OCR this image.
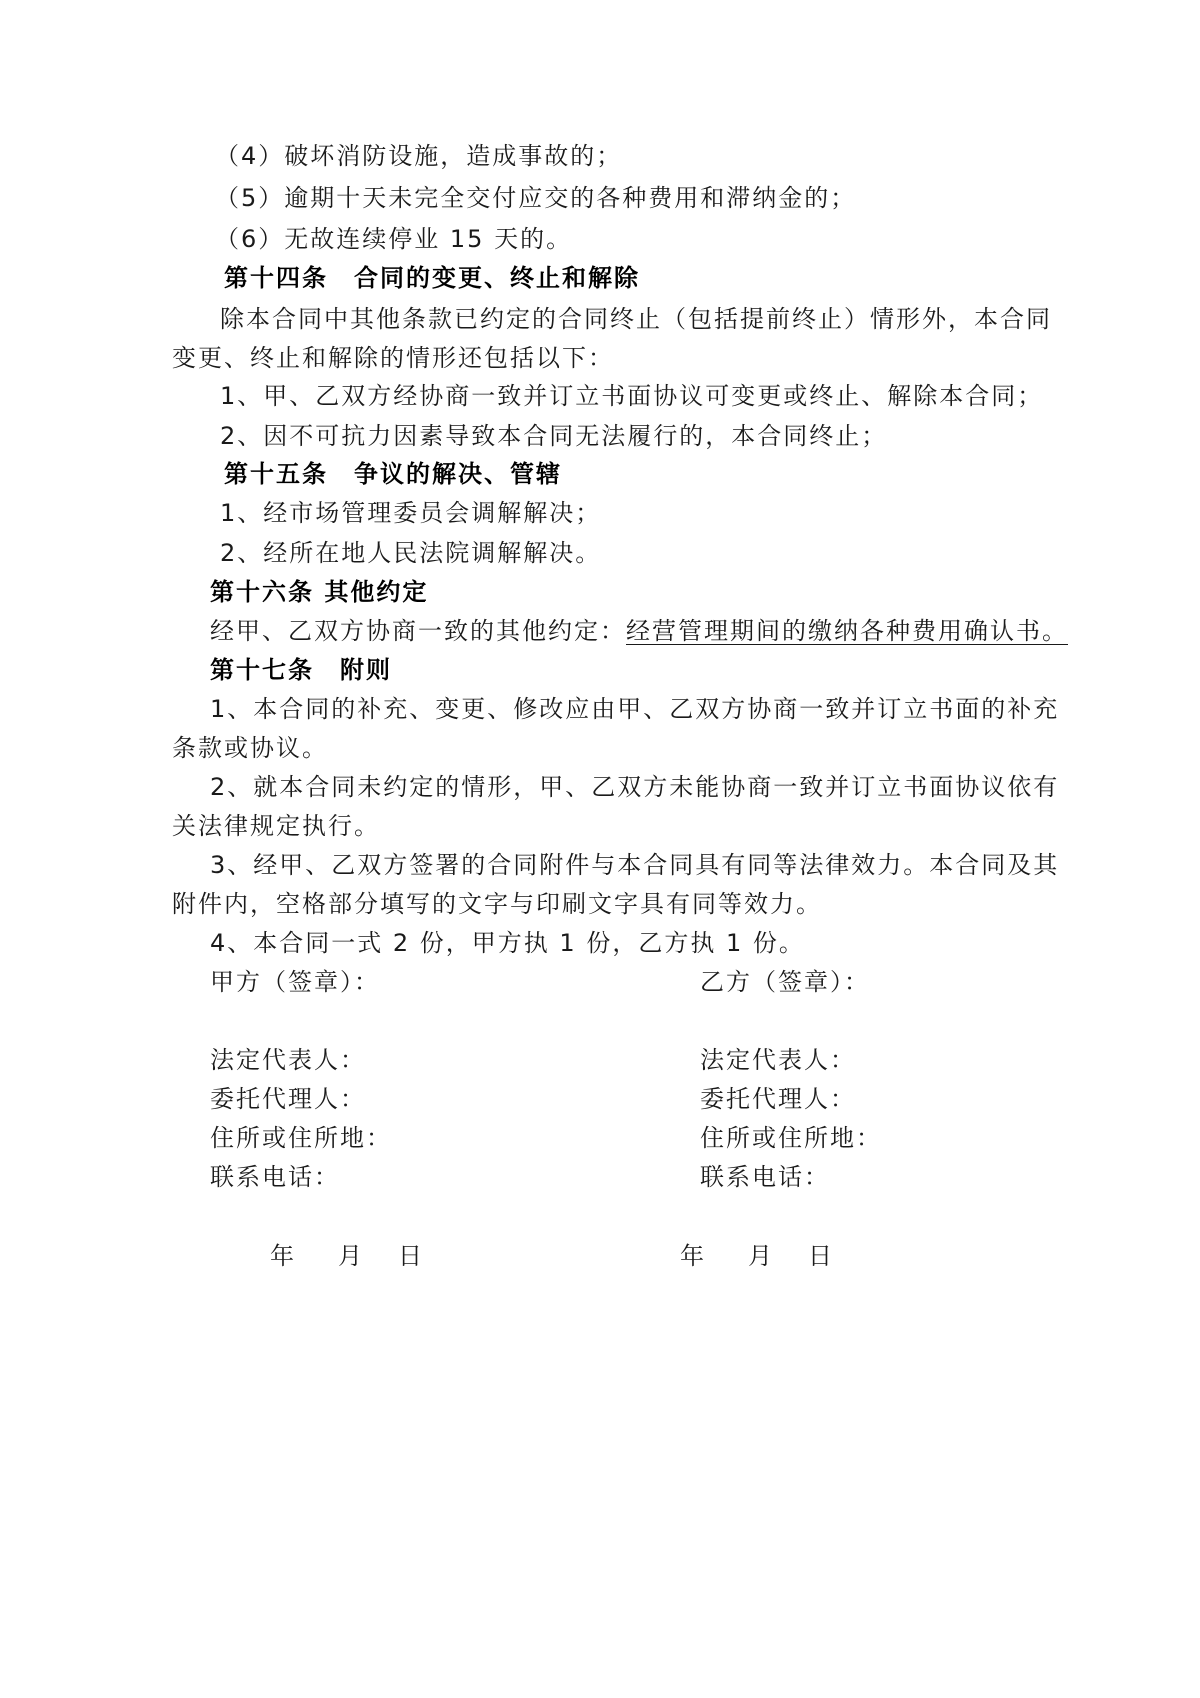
（4）破坏消防设施，造成事故的；
（5）逾期十天未完全交付应交的各种费用和滞纳金的；
（6）无故连续停业 15 天的。
第十四条　合同的变更、终止和解除
除本合同中其他条款已约定的合同终止（包括提前终止）情形外，本合同
变更、终止和解除的情形还包括以下：
1、甲、乙双方经协商一致并订立书面协议可变更或终止、解除本合同；
2、因不可抗力因素导致本合同无法履行的，本合同终止；
第十五条　争议的解决、管辖
1、经市场管理委员会调解解决；
2、经所在地人民法院调解解决。
第十六条 其他约定
经甲、乙双方协商一致的其他约定：经营管理期间的缴纳各种费用确认书。
第十七条　附则
1、本合同的补充、变更、修改应由甲、乙双方协商一致并订立书面的补充
条款或协议。
2、就本合同未约定的情形，甲、乙双方未能协商一致并订立书面协议依有
关法律规定执行。
3、经甲、乙双方签署的合同附件与本合同具有同等法律效力。本合同及其
附件内，空格部分填写的文字与印刷文字具有同等效力。
4、本合同一式 2 份，甲方执 1 份，乙方执 1 份。
甲方（签章）：
法定代表人：
委托代理人：
住所或住所地：
联系电话：
乙方（签章）：
法定代表人：
委托代理人：
住所或住所地：
联系电话：
年 月 日	年 月 日
